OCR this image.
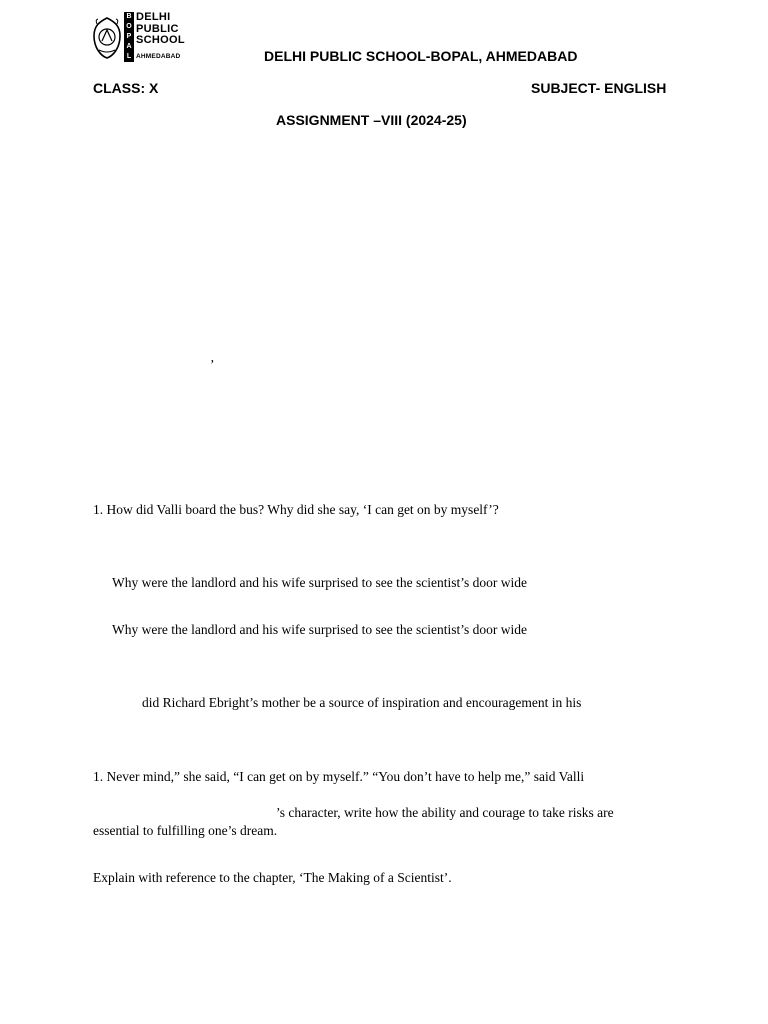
B
O
P
A
L
DELHI
PUBLIC
SCHOOL
AHMEDABAD	DELHI PUBLIC SCHOOL-BOPAL, AHMEDABAD
CLASS: X	SUBJECT- ENGLISH
ASSIGNMENT –VIII (2024-25)
’
1. How did Valli board the bus? Why did she say, ‘I can get on by myself’?
Why were the landlord and his wife surprised to see the scientist’s door wide
Why were the landlord and his wife surprised to see the scientist’s door wide
did Richard Ebright’s mother be a source of inspiration and encouragement in his
1. Never mind,” she said, “I can get on by myself.” “You don’t have to help me,” said Valli
’s character, write how the ability and courage to take risks are
essential to fulfilling one’s dream.
Explain with reference to the chapter, ‘The Making of a Scientist’.
